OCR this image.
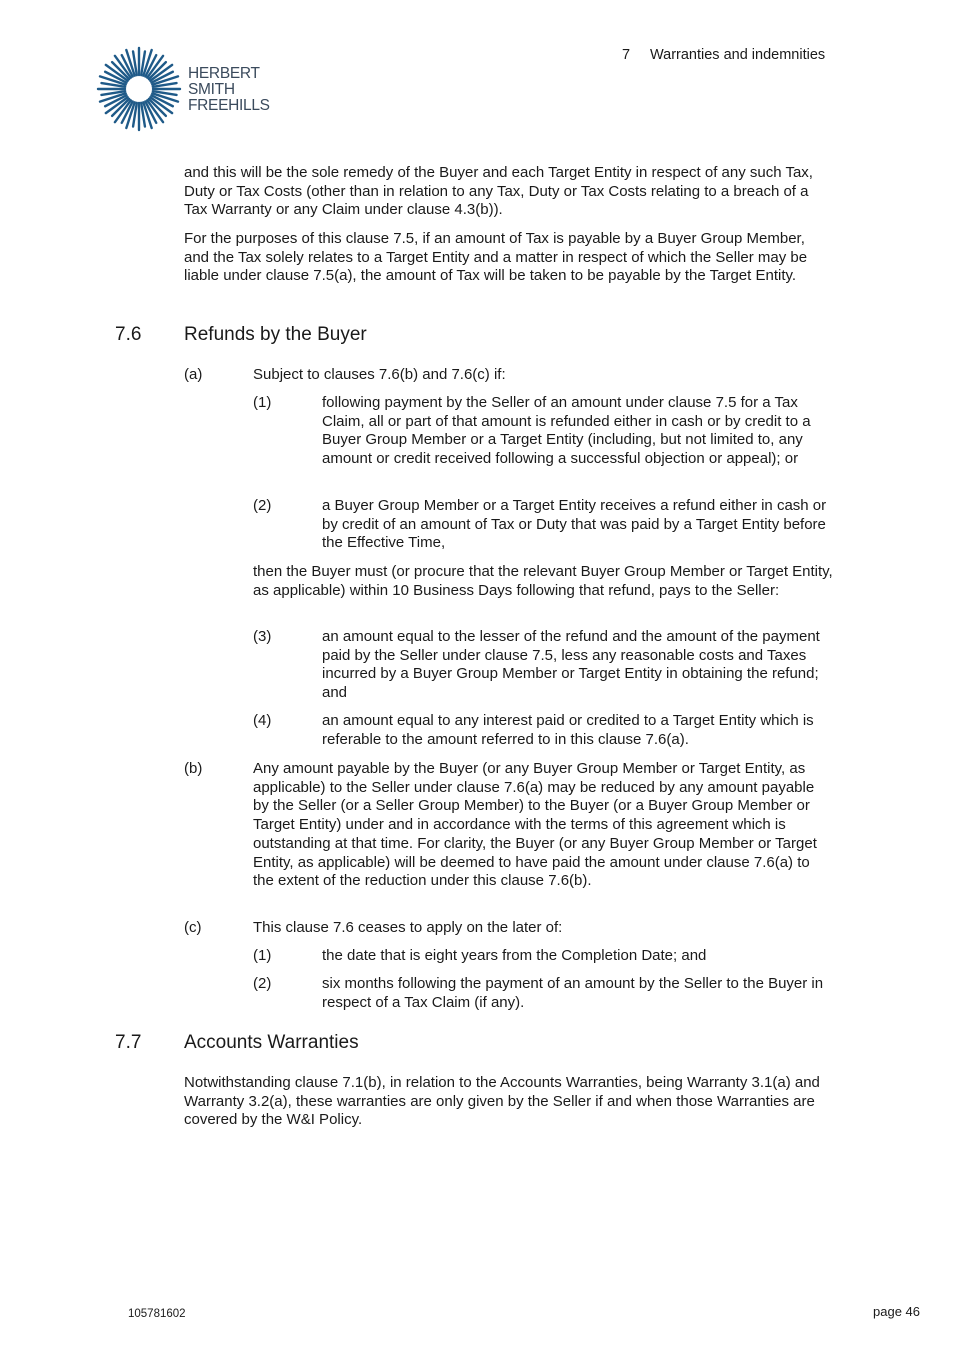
HERBERT
SMITH
FREEHILLS
7 Warranties and indemnities

and this will be the sole remedy of the Buyer and each Target Entity in respect of any such Tax, Duty or Tax Costs (other than in relation to any Tax, Duty or Tax Costs relating to a breach of a Tax Warranty or any Claim under clause 4.3(b)).

For the purposes of this clause 7.5, if an amount of Tax is payable by a Buyer Group Member, and the Tax solely relates to a Target Entity and a matter in respect of which the Seller may be liable under clause 7.5(a), the amount of Tax will be taken to be payable by the Target Entity.

7.6 Refunds by the Buyer
(a)	Subject to clauses 7.6(b) and 7.6(c) if:
(1)	following payment by the Seller of an amount under clause 7.5 for a Tax Claim, all or part of that amount is refunded either in cash or by credit to a Buyer Group Member or a Target Entity (including, but not limited to, any amount or credit received following a successful objection or appeal); or
(2)	a Buyer Group Member or a Target Entity receives a refund either in cash or by credit of an amount of Tax or Duty that was paid by a Target Entity before the Effective Time,

then the Buyer must (or procure that the relevant Buyer Group Member or Target Entity, as applicable) within 10 Business Days following that refund, pays to the Seller:

(3)	an amount equal to the lesser of the refund and the amount of the payment paid by the Seller under clause 7.5, less any reasonable costs and Taxes incurred by a Buyer Group Member or Target Entity in obtaining the refund; and
(4)	an amount equal to any interest paid or credited to a Target Entity which is referable to the amount referred to in this clause 7.6(a).
(b)	Any amount payable by the Buyer (or any Buyer Group Member or Target Entity, as applicable) to the Seller under clause 7.6(a) may be reduced by any amount payable by the Seller (or a Seller Group Member) to the Buyer (or a Buyer Group Member or Target Entity) under and in accordance with the terms of this agreement which is outstanding at that time. For clarity, the Buyer (or any Buyer Group Member or Target Entity, as applicable) will be deemed to have paid the amount under clause 7.6(a) to the extent of the reduction under this clause 7.6(b).
(c)	This clause 7.6 ceases to apply on the later of:
(1)	the date that is eight years from the Completion Date; and
(2)	six months following the payment of an amount by the Seller to the Buyer in respect of a Tax Claim (if any).
7.7 Accounts Warranties

Notwithstanding clause 7.1(b), in relation to the Accounts Warranties, being Warranty 3.1(a) and Warranty 3.2(a), these warranties are only given by the Seller if and when those Warranties are covered by the W&I Policy.

105781602	page 46
